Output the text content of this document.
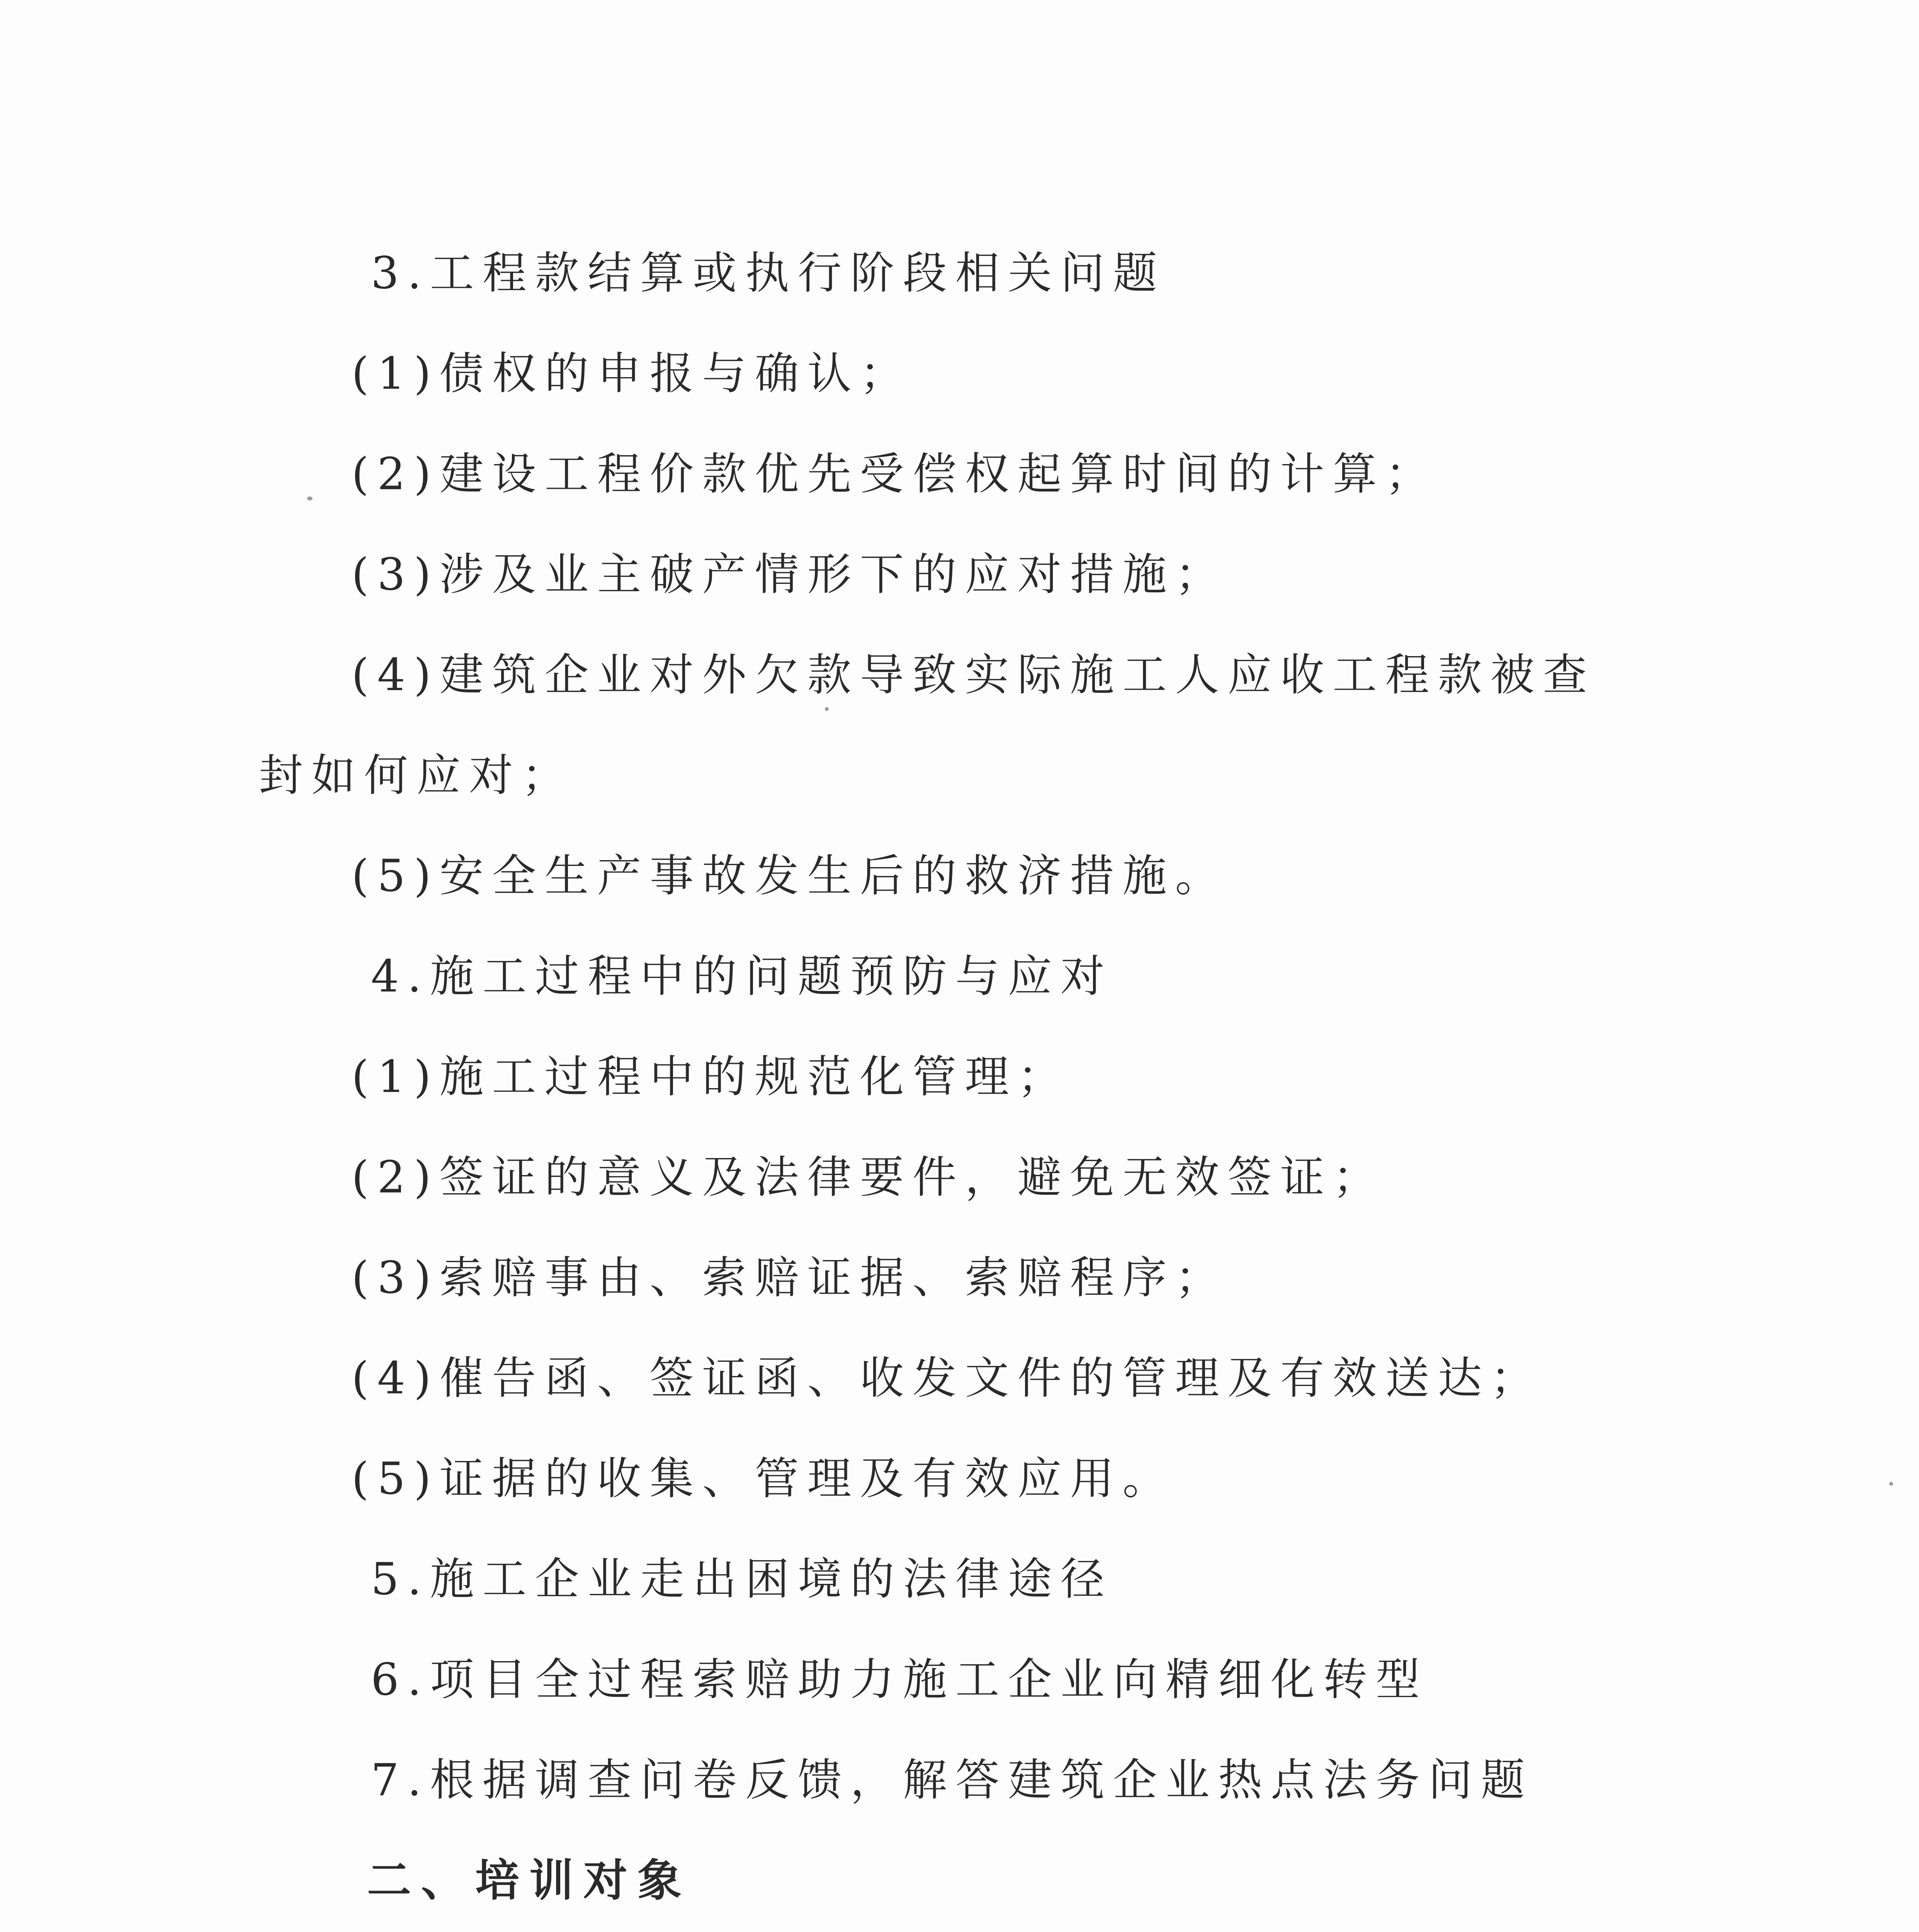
3.工程款结算或执行阶段相关问题
(1)债权的申报与确认；
(2)建设工程价款优先受偿权起算时间的计算；
(3)涉及业主破产情形下的应对措施；
(4)建筑企业对外欠款导致实际施工人应收工程款被查
封如何应对；
(5)安全生产事故发生后的救济措施。
4.施工过程中的问题预防与应对
(1)施工过程中的规范化管理；
(2)签证的意义及法律要件，避免无效签证；
(3)索赔事由、索赔证据、索赔程序；
(4)催告函、签证函、收发文件的管理及有效送达；
(5)证据的收集、管理及有效应用。
5.施工企业走出困境的法律途径
6.项目全过程索赔助力施工企业向精细化转型
7.根据调查问卷反馈，解答建筑企业热点法务问题
二、培训对象
